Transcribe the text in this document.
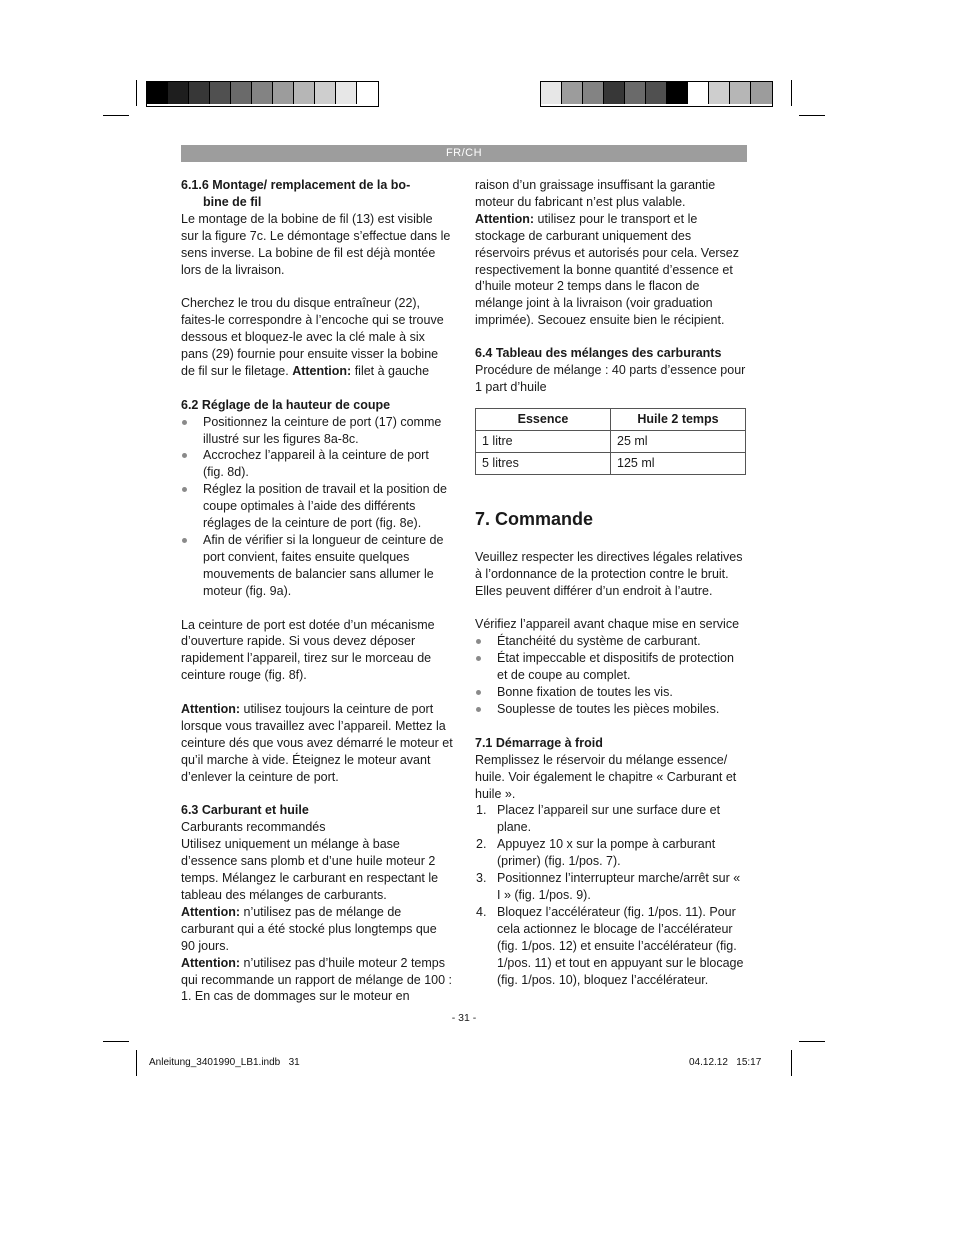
FR/CH
6.1.6 Montage/ remplacement de la bo-
bine de fil

Le montage de la bobine de fil (13) est visible sur la figure 7c. Le démontage s’effectue dans le sens inverse. La bobine de fil est déjà montée lors de la livraison.

Cherchez le trou du disque entraîneur (22), faites-le correspondre à l’encoche qui se trouve dessous et bloquez-le avec la clé male à six pans (29) fournie pour ensuite visser la bobine de fil sur le filetage. Attention: filet à gauche

6.2 Réglage de la hauteur de coupe
Positionnez la ceinture de port (17) comme illustré sur les figures 8a-8c.
Accrochez l’appareil à la ceinture de port (fig. 8d).
Réglez la position de travail et la position de coupe optimales à l’aide des différents réglages de la ceinture de port (fig. 8e).
Afin de vérifier si la longueur de ceinture de port convient, faites ensuite quelques mouvements de balancier sans allumer le moteur (fig. 9a).

La ceinture de port est dotée d’un mécanisme d’ouverture rapide. Si vous devez déposer rapidement l’appareil, tirez sur le morceau de ceinture rouge (fig. 8f).

Attention: utilisez toujours la ceinture de port lorsque vous travaillez avec l’appareil. Mettez la ceinture dés que vous avez démarré le moteur et qu’il marche à vide. Éteignez le moteur avant d’enlever la ceinture de port.

6.3 Carburant et huile

Carburants recommandés

Utilisez uniquement un mélange à base d’essence sans plomb et d’une huile moteur 2 temps. Mélangez le carburant en respectant le tableau des mélanges de carburants.

Attention: n’utilisez pas de mélange de carburant qui a été stocké plus longtemps que 90 jours.

Attention: n’utilisez pas d’huile moteur 2 temps qui recommande un rapport de mélange de 100 : 1. En cas de dommages sur le moteur en

raison d’un graissage insuffisant la garantie moteur du fabricant n’est plus valable.

Attention: utilisez pour le transport et le stockage de carburant uniquement des réservoirs prévus et autorisés pour cela. Versez respectivement la bonne quantité d’essence et d’huile moteur 2 temps dans le flacon de mélange joint à la livraison (voir graduation imprimée). Secouez ensuite bien le récipient.

6.4 Tableau des mélanges des carburants

Procédure de mélange : 40 parts d’essence pour 1 part d’huile

Essence	Huile 2 temps
1 litre	25 ml
5 litres	125 ml
7. Commande

Veuillez respecter les directives légales relatives à l’ordonnance de la protection contre le bruit. Elles peuvent différer d’un endroit à l’autre.

Vérifiez l’appareil avant chaque mise en service

Étanchéité du système de carburant.
État impeccable et dispositifs de protection et de coupe au complet.
Bonne fixation de toutes les vis.
Souplesse de toutes les pièces mobiles.
7.1 Démarrage à froid

Remplissez le réservoir du mélange essence/ huile. Voir également le chapitre « Carburant et huile ».

1. Placez l’appareil sur une surface dure et plane.
2. Appuyez 10 x sur la pompe à carburant (primer) (fig. 1/pos. 7).
3. Positionnez l’interrupteur marche/arrêt sur « I » (fig. 1/pos. 9).
4. Bloquez l’accélérateur (fig. 1/pos. 11). Pour cela actionnez le blocage de l’accélérateur (fig. 1/pos. 12) et ensuite l’accélérateur (fig. 1/pos. 11) et tout en appuyant sur le blocage (fig. 1/pos. 10), bloquez l’accélérateur.
- 31 -
Anleitung_3401990_LB1.indb   31	04.12.12   15:17
